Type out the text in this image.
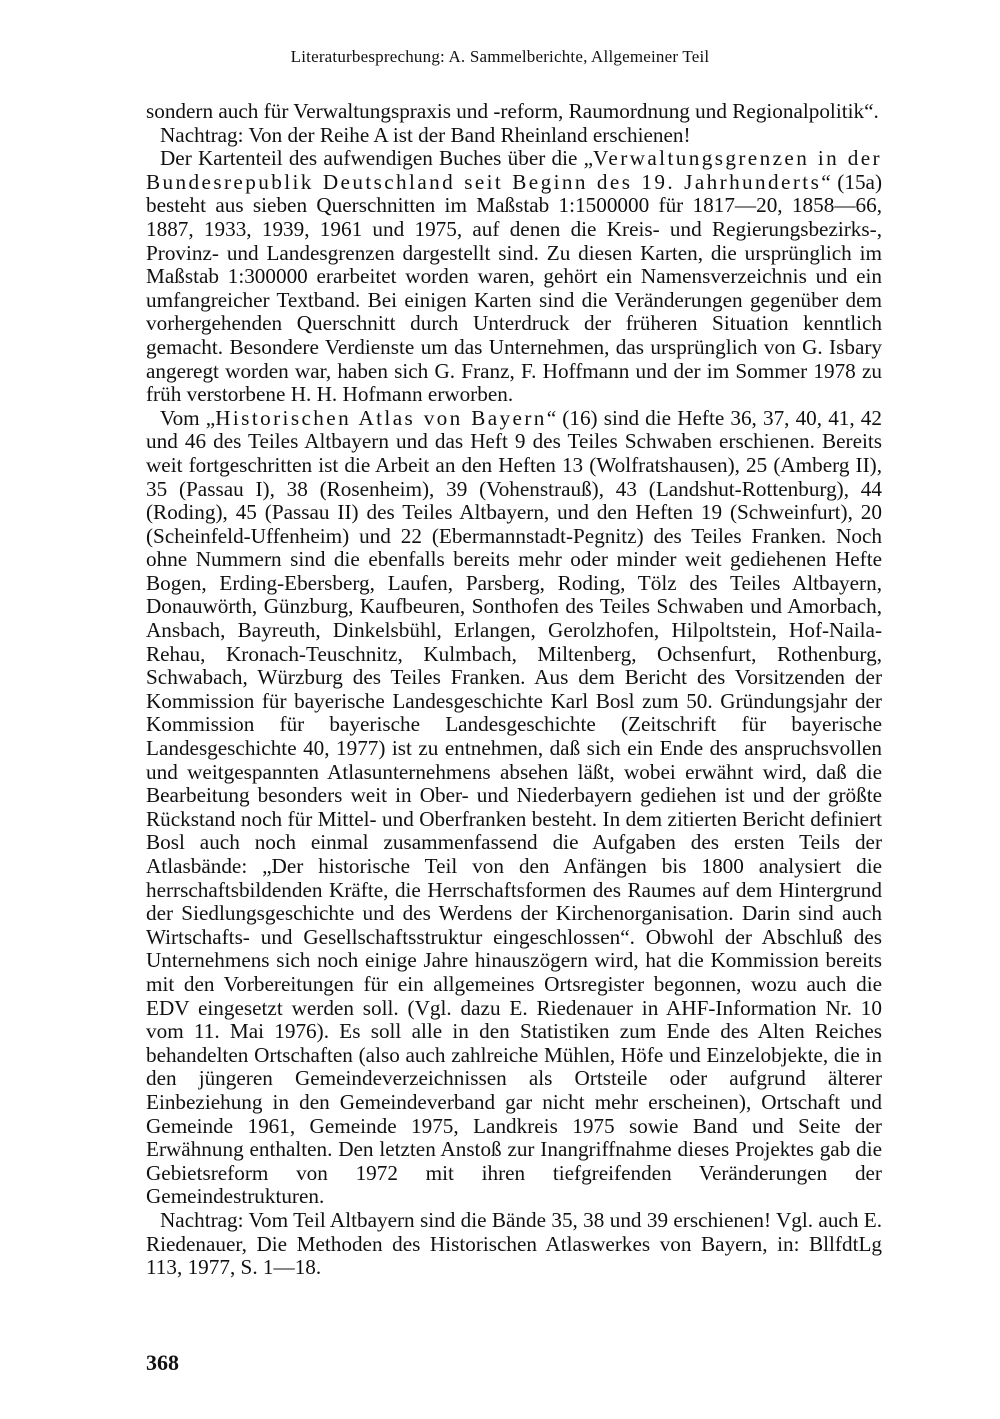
Literaturbesprechung: A. Sammelberichte, Allgemeiner Teil

sondern auch für Verwaltungspraxis und -reform, Raumordnung und Regionalpolitik“.

Nachtrag: Von der Reihe A ist der Band Rheinland erschienen!

Der Kartenteil des aufwendigen Buches über die „Verwaltungsgrenzen in der Bundesrepublik Deutschland seit Beginn des 19. Jahrhunderts“ (15a) besteht aus sieben Querschnitten im Maßstab 1:1500000 für 1817—20, 1858—66, 1887, 1933, 1939, 1961 und 1975, auf denen die Kreis- und Regierungsbezirks-, Provinz- und Landesgrenzen dargestellt sind. Zu diesen Karten, die ursprünglich im Maßstab 1:300000 erarbeitet worden waren, gehört ein Namensverzeichnis und ein umfangreicher Textband. Bei einigen Karten sind die Veränderungen gegenüber dem vorhergehenden Querschnitt durch Unterdruck der früheren Situation kenntlich gemacht. Besondere Verdienste um das Unternehmen, das ursprünglich von G. Isbary angeregt worden war, haben sich G. Franz, F. Hoffmann und der im Sommer 1978 zu früh verstorbene H. H. Hofmann erworben.

Vom „Historischen Atlas von Bayern“ (16) sind die Hefte 36, 37, 40, 41, 42 und 46 des Teiles Altbayern und das Heft 9 des Teiles Schwaben erschienen. Bereits weit fortgeschritten ist die Arbeit an den Heften 13 (Wolfratshausen), 25 (Amberg II), 35 (Passau I), 38 (Rosenheim), 39 (Vohenstrauß), 43 (Landshut-Rottenburg), 44 (Roding), 45 (Passau II) des Teiles Altbayern, und den Heften 19 (Schweinfurt), 20 (Scheinfeld-Uffenheim) und 22 (Ebermannstadt-Pegnitz) des Teiles Franken. Noch ohne Nummern sind die ebenfalls bereits mehr oder minder weit gediehenen Hefte Bogen, Erding-Ebersberg, Laufen, Parsberg, Roding, Tölz des Teiles Altbayern, Donauwörth, Günzburg, Kaufbeuren, Sonthofen des Teiles Schwaben und Amorbach, Ansbach, Bayreuth, Dinkelsbühl, Erlangen, Gerolzhofen, Hilpoltstein, Hof-Naila-Rehau, Kronach-Teuschnitz, Kulmbach, Miltenberg, Ochsenfurt, Rothenburg, Schwabach, Würzburg des Teiles Franken. Aus dem Bericht des Vorsitzenden der Kommission für bayerische Landesgeschichte Karl Bosl zum 50. Gründungsjahr der Kommission für bayerische Landesgeschichte (Zeitschrift für bayerische Landesgeschichte 40, 1977) ist zu entnehmen, daß sich ein Ende des anspruchsvollen und weitgespannten Atlasunternehmens absehen läßt, wobei erwähnt wird, daß die Bearbeitung besonders weit in Ober- und Niederbayern gediehen ist und der größte Rückstand noch für Mittel- und Oberfranken besteht. In dem zitierten Bericht definiert Bosl auch noch einmal zusammenfassend die Aufgaben des ersten Teils der Atlasbände: „Der historische Teil von den Anfängen bis 1800 analysiert die herrschaftsbildenden Kräfte, die Herrschaftsformen des Raumes auf dem Hintergrund der Siedlungsgeschichte und des Werdens der Kirchenorganisation. Darin sind auch Wirtschafts- und Gesellschaftsstruktur eingeschlossen“. Obwohl der Abschluß des Unternehmens sich noch einige Jahre hinauszögern wird, hat die Kommission bereits mit den Vorbereitungen für ein allgemeines Ortsregister begonnen, wozu auch die EDV eingesetzt werden soll. (Vgl. dazu E. Riedenauer in AHF-Information Nr. 10 vom 11. Mai 1976). Es soll alle in den Statistiken zum Ende des Alten Reiches behandelten Ortschaften (also auch zahlreiche Mühlen, Höfe und Einzelobjekte, die in den jüngeren Gemeindeverzeichnissen als Ortsteile oder aufgrund älterer Einbeziehung in den Gemeindeverband gar nicht mehr erscheinen), Ortschaft und Gemeinde 1961, Gemeinde 1975, Landkreis 1975 sowie Band und Seite der Erwähnung enthalten. Den letzten Anstoß zur Inangriffnahme dieses Projektes gab die Gebietsreform von 1972 mit ihren tiefgreifenden Veränderungen der Gemeindestrukturen.

Nachtrag: Vom Teil Altbayern sind die Bände 35, 38 und 39 erschienen! Vgl. auch E. Riedenauer, Die Methoden des Historischen Atlaswerkes von Bayern, in: BllfdtLg 113, 1977, S. 1—18.

368
